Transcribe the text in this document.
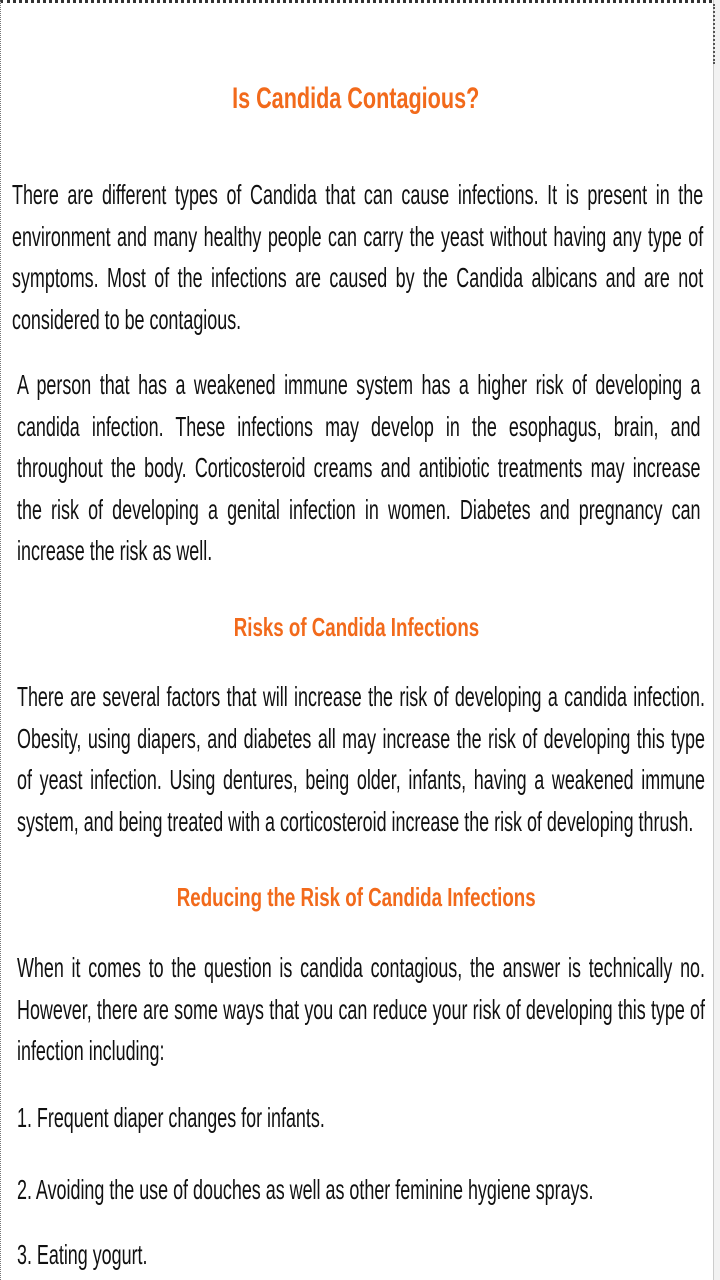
Is Candida Contagious?
There are different types of Candida that can cause infections. It is present in the environment and many healthy people can carry the yeast without having any type of symptoms. Most of the infections are caused by the Candida albicans and are not considered to be contagious.
A person that has a weakened immune system has a higher risk of developing a candida infection. These infections may develop in the esophagus, brain, and throughout the body. Corticosteroid creams and antibiotic treatments may increase the risk of developing a genital infection in women. Diabetes and pregnancy can increase the risk as well.
Risks of Candida Infections
There are several factors that will increase the risk of developing a candida infection. Obesity, using diapers, and diabetes all may increase the risk of developing this type of yeast infection. Using dentures, being older, infants, having a weakened immune system, and being treated with a corticosteroid increase the risk of developing thrush.
Reducing the Risk of Candida Infections
When it comes to the question is candida contagious, the answer is technically no. However, there are some ways that you can reduce your risk of developing this type of infection including:
1. Frequent diaper changes for infants.
2. Avoiding the use of douches as well as other feminine hygiene sprays.
3. Eating yogurt.
